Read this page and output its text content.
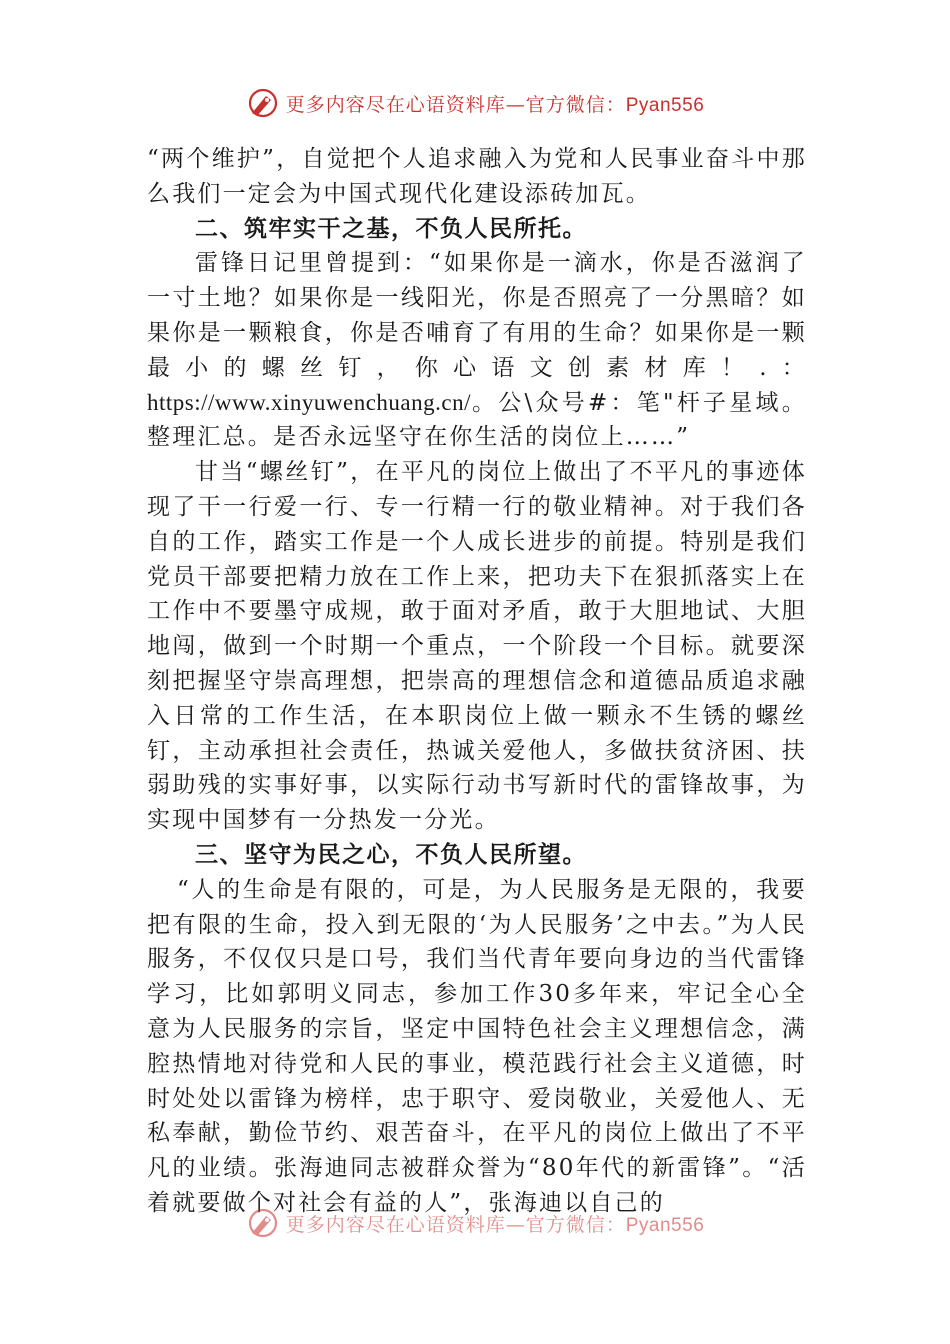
更多内容尽在心语资料库—官方微信：Pyan556

“两个维护”，自觉把个人追求融入为党和人民事业奋斗中那么我们一定会为中国式现代化建设添砖加瓦。

二、筑牢实干之基，不负人民所托。

雷锋日记里曾提到：“如果你是一滴水，你是否滋润了一寸土地？如果你是一线阳光，你是否照亮了一分黑暗？如果你是一颗粮食，你是否哺育了有用的生命？如果你是一颗最小的螺丝钉，你心语文创素材库！.：https://www.xinyuwenchuang.cn/。公\众号#：笔"杆子星域。整理汇总。是否永远坚守在你生活的岗位上……”

甘当“螺丝钉”，在平凡的岗位上做出了不平凡的事迹体现了干一行爱一行、专一行精一行的敬业精神。对于我们各自的工作，踏实工作是一个人成长进步的前提。特别是我们党员干部要把精力放在工作上来，把功夫下在狠抓落实上在工作中不要墨守成规，敢于面对矛盾，敢于大胆地试、大胆地闯，做到一个时期一个重点，一个阶段一个目标。就要深刻把握坚守崇高理想，把崇高的理想信念和道德品质追求融入日常的工作生活，在本职岗位上做一颗永不生锈的螺丝钉，主动承担社会责任，热诚关爱他人，多做扶贫济困、扶弱助残的实事好事，以实际行动书写新时代的雷锋故事，为实现中国梦有一分热发一分光。

三、坚守为民之心，不负人民所望。

“人的生命是有限的，可是，为人民服务是无限的，我要把有限的生命，投入到无限的‘为人民服务’之中去。”为人民服务，不仅仅只是口号，我们当代青年要向身边的当代雷锋学习，比如郭明义同志，参加工作30多年来，牢记全心全意为人民服务的宗旨，坚定中国特色社会主义理想信念，满腔热情地对待党和人民的事业，模范践行社会主义道德，时时处处以雷锋为榜样，忠于职守、爱岗敬业，关爱他人、无私奉献，勤俭节约、艰苦奋斗，在平凡的岗位上做出了不平凡的业绩。张海迪同志被群众誉为“80年代的新雷锋”。“活着就要做个对社会有益的人”，张海迪以自己的

更多内容尽在心语资料库—官方微信：Pyan556
